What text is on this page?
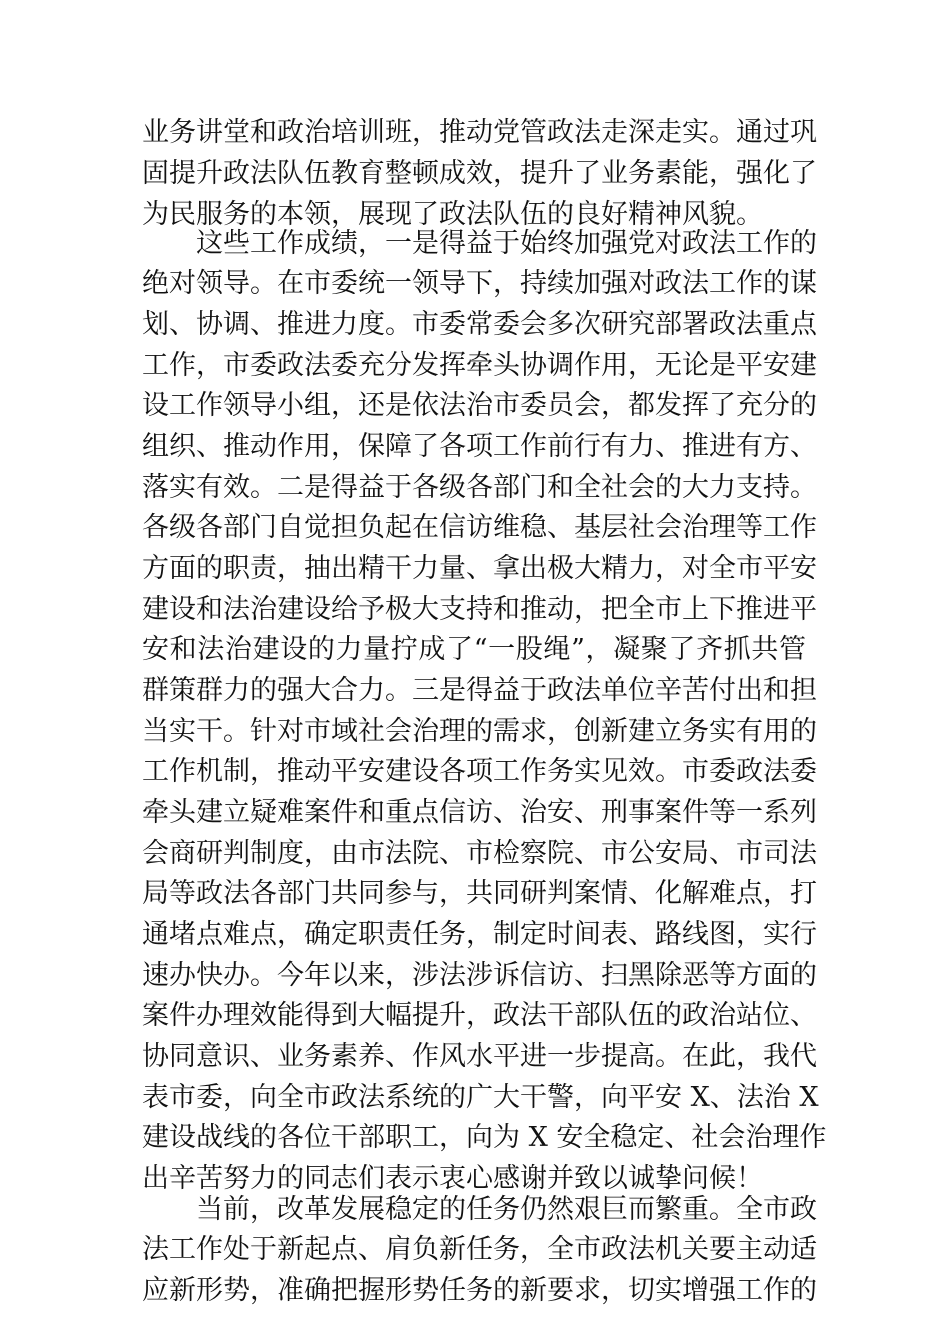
业务讲堂和政治培训班，推动党管政法走深走实。通过巩
固提升政法队伍教育整顿成效，提升了业务素能，强化了
为民服务的本领，展现了政法队伍的良好精神风貌。
这些工作成绩，一是得益于始终加强党对政法工作的
绝对领导。在市委统一领导下，持续加强对政法工作的谋
划、协调、推进力度。市委常委会多次研究部署政法重点
工作，市委政法委充分发挥牵头协调作用，无论是平安建
设工作领导小组，还是依法治市委员会，都发挥了充分的
组织、推动作用，保障了各项工作前行有力、推进有方、
落实有效。二是得益于各级各部门和全社会的大力支持。
各级各部门自觉担负起在信访维稳、基层社会治理等工作
方面的职责，抽出精干力量、拿出极大精力，对全市平安
建设和法治建设给予极大支持和推动，把全市上下推进平
安和法治建设的力量拧成了“一股绳”，凝聚了齐抓共管
群策群力的强大合力。三是得益于政法单位辛苦付出和担
当实干。针对市域社会治理的需求，创新建立务实有用的
工作机制，推动平安建设各项工作务实见效。市委政法委
牵头建立疑难案件和重点信访、治安、刑事案件等一系列
会商研判制度，由市法院、市检察院、市公安局、市司法
局等政法各部门共同参与，共同研判案情、化解难点，打
通堵点难点，确定职责任务，制定时间表、路线图，实行
速办快办。今年以来，涉法涉诉信访、扫黑除恶等方面的
案件办理效能得到大幅提升，政法干部队伍的政治站位、
协同意识、业务素养、作风水平进一步提高。在此，我代
表市委，向全市政法系统的广大干警，向平安 X、法治 X
建设战线的各位干部职工，向为 X 安全稳定、社会治理作
出辛苦努力的同志们表示衷心感谢并致以诚挚问候！
当前，改革发展稳定的任务仍然艰巨而繁重。全市政
法工作处于新起点、肩负新任务，全市政法机关要主动适
应新形势，准确把握形势任务的新要求，切实增强工作的
